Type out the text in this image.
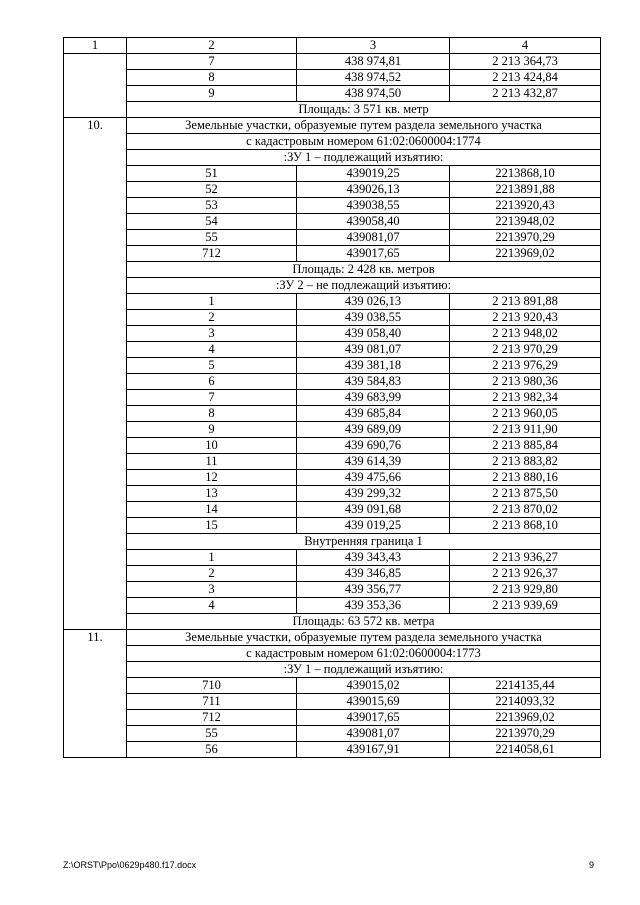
1	2	3	4
	7	438 974,81	2 213 364,73
	8	438 974,52	2 213 424,84
	9	438 974,50	2 213 432,87
	Площадь: 3 571 кв. метр		
10.	Земельные участки, образуемые путем раздела земельного участка		
	с кадастровым номером 61:02:0600004:1774		
	:ЗУ 1 – подлежащий изъятию:		
	51	439019,25	2213868,10
	52	439026,13	2213891,88
	53	439038,55	2213920,43
	54	439058,40	2213948,02
	55	439081,07	2213970,29
	712	439017,65	2213969,02
	Площадь: 2 428 кв. метров		
	:ЗУ 2 – не подлежащий изъятию:		
	1	439 026,13	2 213 891,88
	2	439 038,55	2 213 920,43
	3	439 058,40	2 213 948,02
	4	439 081,07	2 213 970,29
	5	439 381,18	2 213 976,29
	6	439 584,83	2 213 980,36
	7	439 683,99	2 213 982,34
	8	439 685,84	2 213 960,05
	9	439 689,09	2 213 911,90
	10	439 690,76	2 213 885,84
	11	439 614,39	2 213 883,82
	12	439 475,66	2 213 880,16
	13	439 299,32	2 213 875,50
	14	439 091,68	2 213 870,02
	15	439 019,25	2 213 868,10
	Внутренняя граница 1		
	1	439 343,43	2 213 936,27
	2	439 346,85	2 213 926,37
	3	439 356,77	2 213 929,80
	4	439 353,36	2 213 939,69
	Площадь: 63 572 кв. метра		
11.	Земельные участки, образуемые путем раздела земельного участка		
	с кадастровым номером 61:02:0600004:1773		
	:ЗУ 1 – подлежащий изъятию:		
	710	439015,02	2214135,44
	711	439015,69	2214093,32
	712	439017,65	2213969,02
	55	439081,07	2213970,29
	56	439167,91	2214058,61
Z:\ORST\Ppo\0629p480.f17.docx	9
